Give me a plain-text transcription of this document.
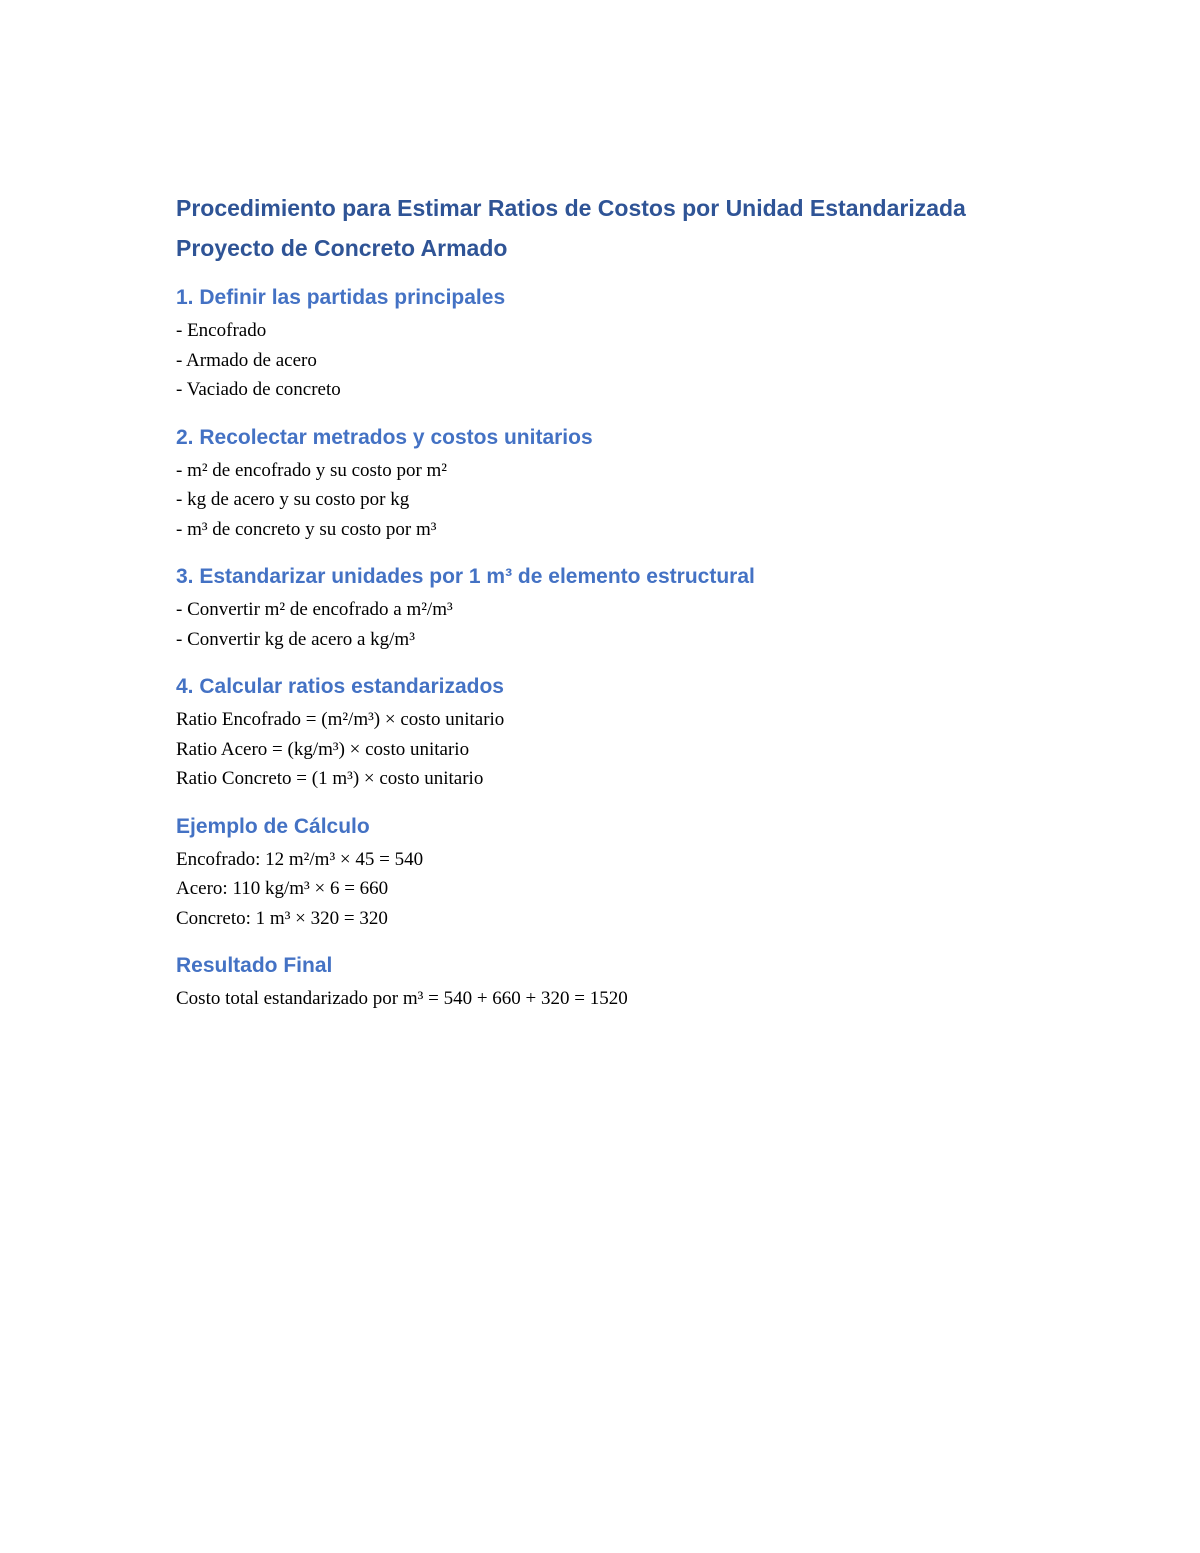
Procedimiento para Estimar Ratios de Costos por Unidad Estandarizada
Proyecto de Concreto Armado
1. Definir las partidas principales

- Encofrado

- Armado de acero

- Vaciado de concreto

2. Recolectar metrados y costos unitarios

- m² de encofrado y su costo por m²

- kg de acero y su costo por kg

- m³ de concreto y su costo por m³

3. Estandarizar unidades por 1 m³ de elemento estructural

- Convertir m² de encofrado a m²/m³

- Convertir kg de acero a kg/m³

4. Calcular ratios estandarizados

Ratio Encofrado = (m²/m³) × costo unitario

Ratio Acero = (kg/m³) × costo unitario

Ratio Concreto = (1 m³) × costo unitario

Ejemplo de Cálculo

Encofrado: 12 m²/m³ × 45 = 540

Acero: 110 kg/m³ × 6 = 660

Concreto: 1 m³ × 320 = 320

Resultado Final

Costo total estandarizado por m³ = 540 + 660 + 320 = 1520
